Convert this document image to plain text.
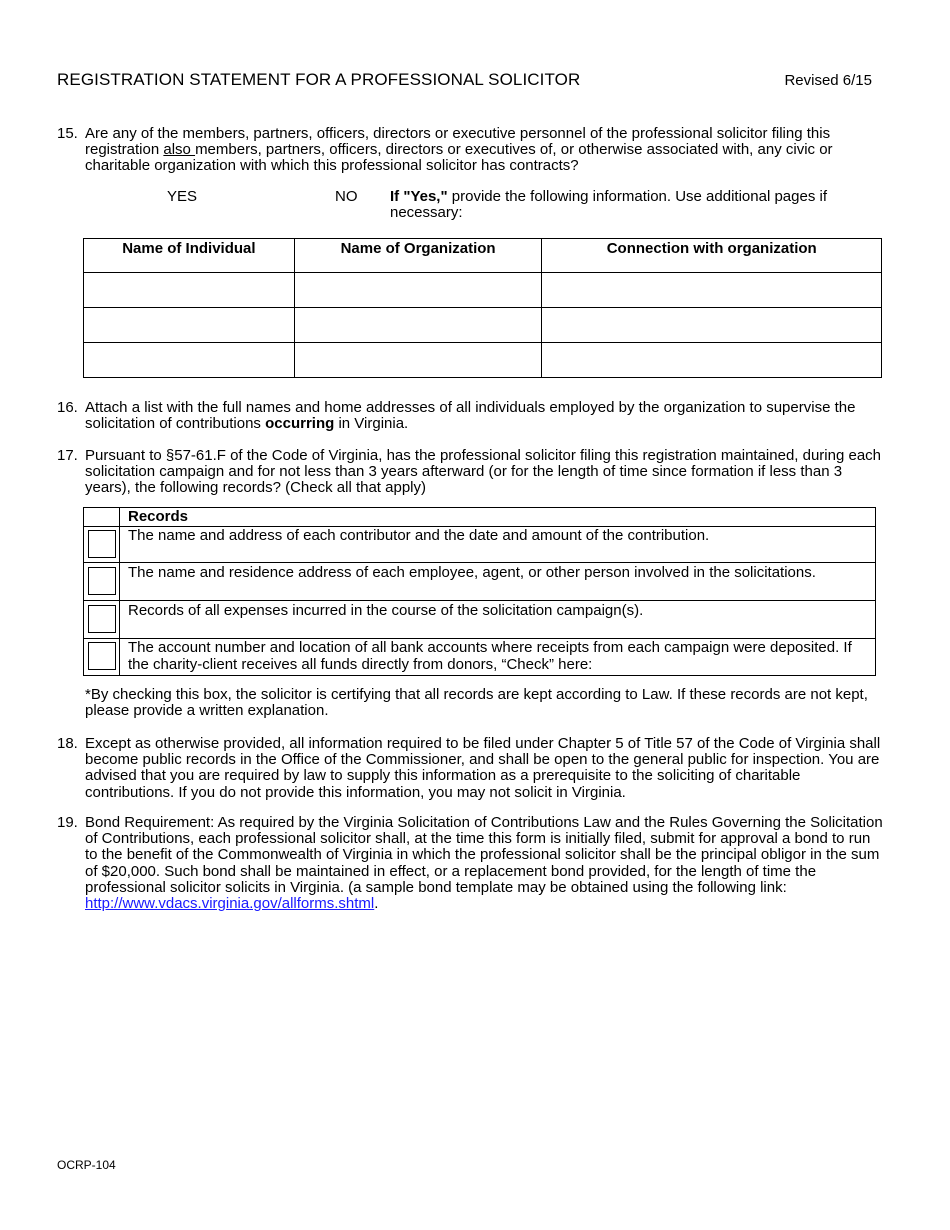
REGISTRATION STATEMENT FOR A PROFESSIONAL SOLICITOR	Revised 6/15
15. Are any of the members, partners, officers, directors or executive personnel of the professional solicitor filing this registration also members, partners, officers, directors or executives of, or otherwise associated with, any civic or charitable organization with which this professional solicitor has contracts?
YES	NO If "Yes," provide the following information. Use additional pages if necessary:
Name of Individual	Name of Organization	Connection with organization

16. Attach a list with the full names and home addresses of all individuals employed by the organization to supervise the solicitation of contributions occurring in Virginia.
17. Pursuant to §57-61.F of the Code of Virginia, has the professional solicitor filing this registration maintained, during each solicitation campaign and for not less than 3 years afterward (or for the length of time since formation if less than 3 years), the following records? (Check all that apply)
	Records
	The name and address of each contributor and the date and amount of the contribution.
	The name and residence address of each employee, agent, or other person involved in the solicitations.
	Records of all expenses incurred in the course of the solicitation campaign(s).
	The account number and location of all bank accounts where receipts from each campaign were deposited. If the charity-client receives all funds directly from donors, “Check” here:
*By checking this box, the solicitor is certifying that all records are kept according to Law. If these records are not kept, please provide a written explanation.
18. Except as otherwise provided, all information required to be filed under Chapter 5 of Title 57 of the Code of Virginia shall become public records in the Office of the Commissioner, and shall be open to the general public for inspection. You are advised that you are required by law to supply this information as a prerequisite to the soliciting of charitable contributions. If you do not provide this information, you may not solicit in Virginia.
19. Bond Requirement: As required by the Virginia Solicitation of Contributions Law and the Rules Governing the Solicitation of Contributions, each professional solicitor shall, at the time this form is initially filed, submit for approval a bond to run to the benefit of the Commonwealth of Virginia in which the professional solicitor shall be the principal obligor in the sum of $20,000. Such bond shall be maintained in effect, or a replacement bond provided, for the length of time the professional solicitor solicits in Virginia. (a sample bond template may be obtained using the following link: http://www.vdacs.virginia.gov/allforms.shtml.
OCRP-104
